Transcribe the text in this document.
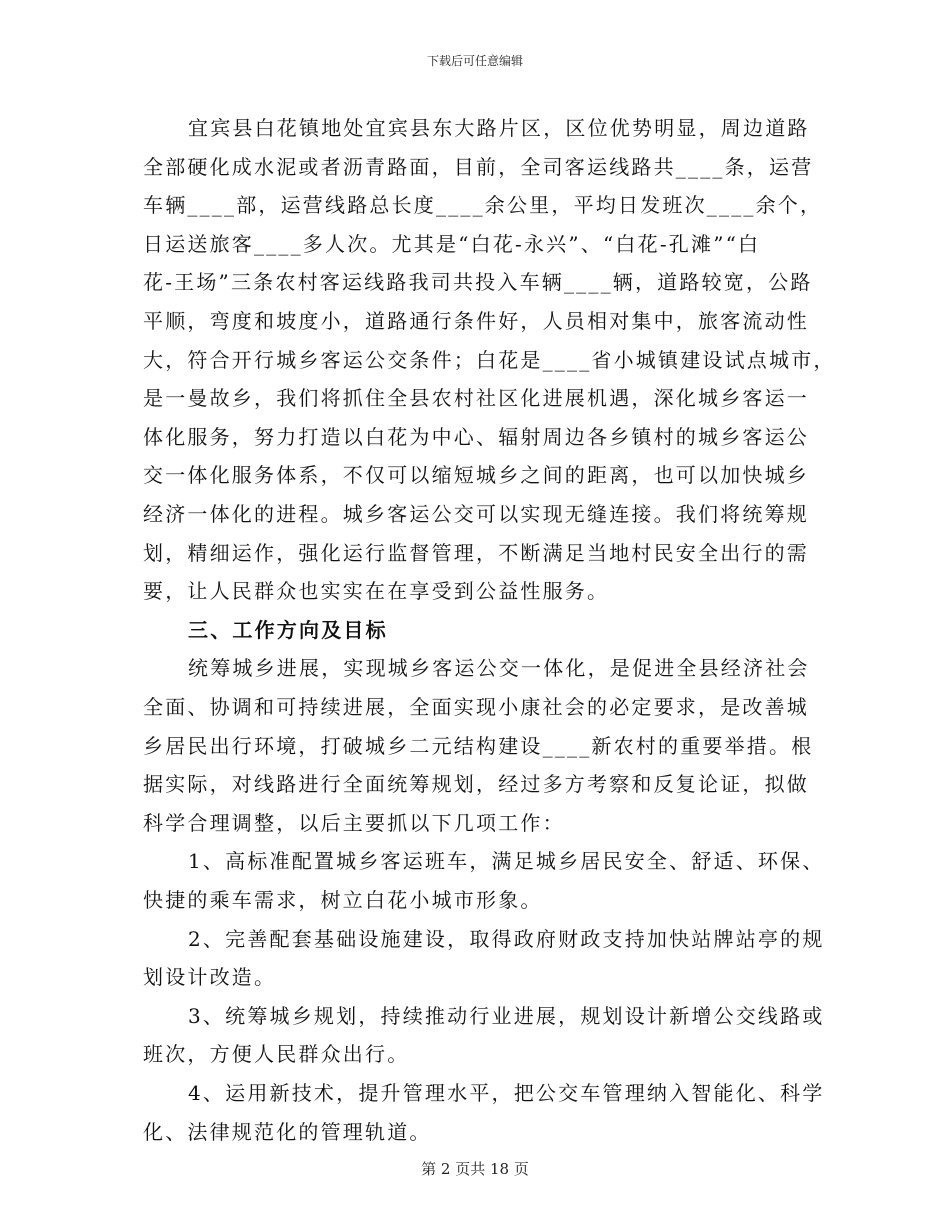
下载后可任意编辑
宜宾县白花镇地处宜宾县东大路片区，区位优势明显，周边道路
全部硬化成水泥或者沥青路面，目前，全司客运线路共____条，运营
车辆____部，运营线路总长度____余公里，平均日发班次____余个，
日运送旅客____多人次。尤其是“白花-永兴”、“白花-孔滩”“白
花-王场”三条农村客运线路我司共投入车辆____辆，道路较宽，公路
平顺，弯度和坡度小，道路通行条件好，人员相对集中，旅客流动性
大，符合开行城乡客运公交条件；白花是____省小城镇建设试点城市，
是一曼故乡，我们将抓住全县农村社区化进展机遇，深化城乡客运一
体化服务，努力打造以白花为中心、辐射周边各乡镇村的城乡客运公
交一体化服务体系，不仅可以缩短城乡之间的距离，也可以加快城乡
经济一体化的进程。城乡客运公交可以实现无缝连接。我们将统筹规
划，精细运作，强化运行监督管理，不断满足当地村民安全出行的需
要，让人民群众也实实在在享受到公益性服务。
三、工作方向及目标
统筹城乡进展，实现城乡客运公交一体化，是促进全县经济社会
全面、协调和可持续进展，全面实现小康社会的必定要求，是改善城
乡居民出行环境，打破城乡二元结构建设____新农村的重要举措。根
据实际，对线路进行全面统筹规划，经过多方考察和反复论证，拟做
科学合理调整，以后主要抓以下几项工作：
1、高标准配置城乡客运班车，满足城乡居民安全、舒适、环保、
快捷的乘车需求，树立白花小城市形象。
2、完善配套基础设施建设，取得政府财政支持加快站牌站亭的规
划设计改造。
3、统筹城乡规划，持续推动行业进展，规划设计新增公交线路或
班次，方便人民群众出行。
4、运用新技术，提升管理水平，把公交车管理纳入智能化、科学
第 2 页共 18 页
化、法律规范化的管理轨道。
